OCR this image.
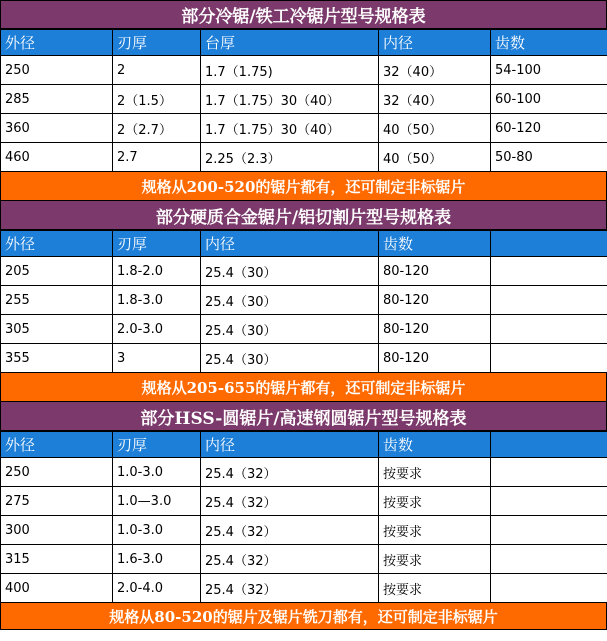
部分冷锯/铁工冷锯片型号规格表
外径	刃厚	台厚	内径	齿数
250	2	1.7（1.75)	32（40）	54-100
285	2（1.5）	1.7（1.75）30（40）	32（40）	60-100
360	2（2.7）	1.7（1.75）30（40）	40（50）	60-120
460	2.7	2.25（2.3）	40（50）	50-80
规格从200-520的锯片都有，还可制定非标锯片
部分硬质合金锯片/铝切割片型号规格表
外径	刃厚	内径	齿数	
205	1.8-2.0	25.4（30）	80-120	
255	1.8-3.0	25.4（30）	80-120	
305	2.0-3.0	25.4（30）	80-120	
355	3	25.4（30）	80-120	
规格从205-655的锯片都有，还可制定非标锯片
部分HSS-圆锯片/高速钢圆锯片型号规格表
外径	刃厚	内径	齿数	
250	1.0-3.0	25.4（32）	按要求	
275	1.0—3.0	25.4（32）	按要求	
300	1.0-3.0	25.4（32）	按要求	
315	1.6-3.0	25.4（32）	按要求	
400	2.0-4.0	25.4（32）	按要求	
规格从80-520的锯片及锯片铣刀都有，还可制定非标锯片
